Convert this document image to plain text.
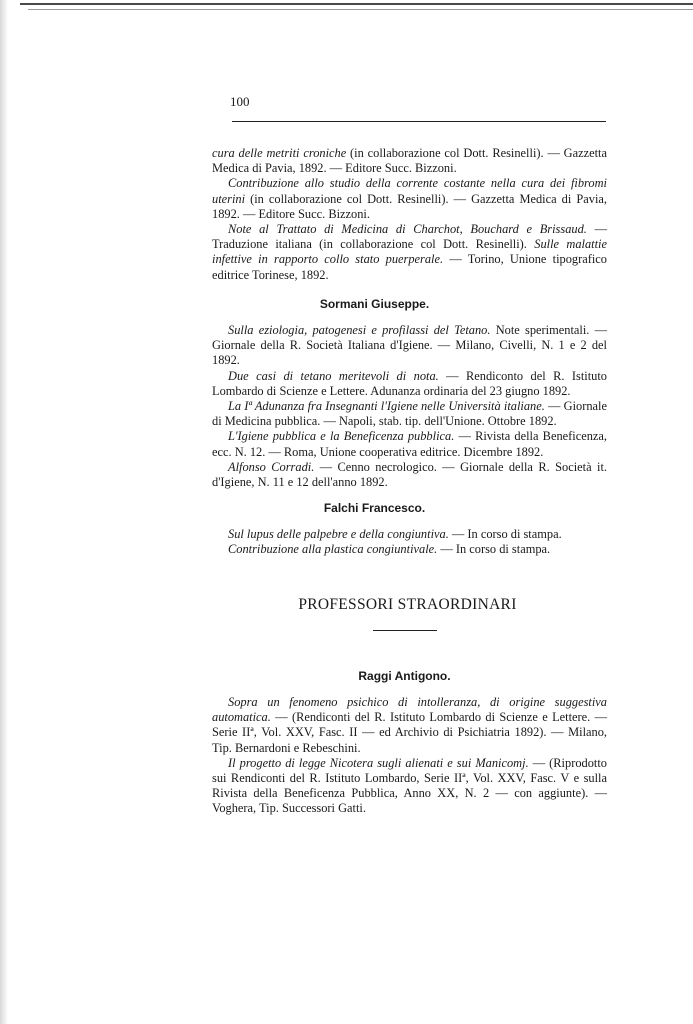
100

cura delle metriti croniche (in collaborazione col Dott. Resinelli). — Gazzetta Medica di Pavia, 1892. — Editore Succ. Bizzoni.

Contribuzione allo studio della corrente costante nella cura dei fibromi uterini (in collaborazione col Dott. Resinelli). — Gazzetta Medica di Pavia, 1892. — Editore Succ. Bizzoni.

Note al Trattato di Medicina di Charchot, Bouchard e Brissaud. — Traduzione italiana (in collaborazione col Dott. Resinelli). Sulle malattie infettive in rapporto collo stato puerperale. — Torino, Unione tipografico editrice Torinese, 1892.

Sormani Giuseppe.

Sulla eziologia, patogenesi e profilassi del Tetano. Note sperimentali. — Giornale della R. Società Italiana d'Igiene. — Milano, Civelli, N. 1 e 2 del 1892.

Due casi di tetano meritevoli di nota. — Rendiconto del R. Istituto Lombardo di Scienze e Lettere. Adunanza ordinaria del 23 giugno 1892.

La Iª Adunanza fra Insegnanti l'Igiene nelle Università italiane. — Giornale di Medicina pubblica. — Napoli, stab. tip. dell'Unione. Ottobre 1892.

L'Igiene pubblica e la Beneficenza pubblica. — Rivista della Beneficenza, ecc. N. 12. — Roma, Unione cooperativa editrice. Dicembre 1892.

Alfonso Corradi. — Cenno necrologico. — Giornale della R. Società it. d'Igiene, N. 11 e 12 dell'anno 1892.

Falchi Francesco.

Sul lupus delle palpebre e della congiuntiva. — In corso di stampa.

Contribuzione alla plastica congiuntivale. — In corso di stampa.

PROFESSORI STRAORDINARI
Raggi Antigono.

Sopra un fenomeno psichico di intolleranza, di origine suggestiva automatica. — (Rendiconti del R. Istituto Lombardo di Scienze e Lettere. — Serie IIª, Vol. XXV, Fasc. II — ed Archivio di Psichiatria 1892). — Milano, Tip. Bernardoni e Rebeschini.

Il progetto di legge Nicotera sugli alienati e sui Manicomj. — (Riprodotto sui Rendiconti del R. Istituto Lombardo, Serie IIª, Vol. XXV, Fasc. V e sulla Rivista della Beneficenza Pubblica, Anno XX, N. 2 — con aggiunte). — Voghera, Tip. Successori Gatti.
